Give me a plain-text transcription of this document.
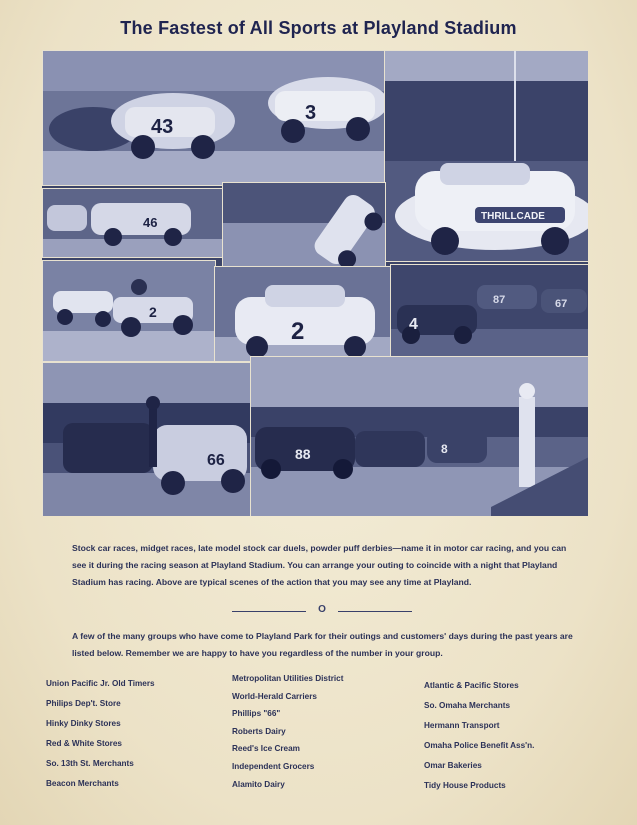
The Fastest of All Sports at Playland Stadium
43
3
THRILLCADE
46
2
2	4
87	67
66	88	8
Stock car races, midget races, late model stock car duels, powder puff derbies—name it in motor car racing, and you can see it during the racing season at Playland Stadium. You can arrange your outing to coincide with a night that Playland Stadium has racing. Above are typical scenes of the action that you may see any time at Playland.
O
A few of the many groups who have come to Playland Park for their outings and customers' days during the past years are listed below. Remember we are happy to have you regardless of the number in your group.
Union Pacific Jr. Old Timers
Philips Dep't. Store
Hinky Dinky Stores
Red & White Stores
So. 13th St. Merchants
Beacon Merchants
Metropolitan Utilities District
World-Herald Carriers
Phillips "66"
Roberts Dairy
Reed's Ice Cream
Independent Grocers
Alamito Dairy
Atlantic & Pacific Stores
So. Omaha Merchants
Hermann Transport
Omaha Police Benefit Ass'n.
Omar Bakeries
Tidy House Products
